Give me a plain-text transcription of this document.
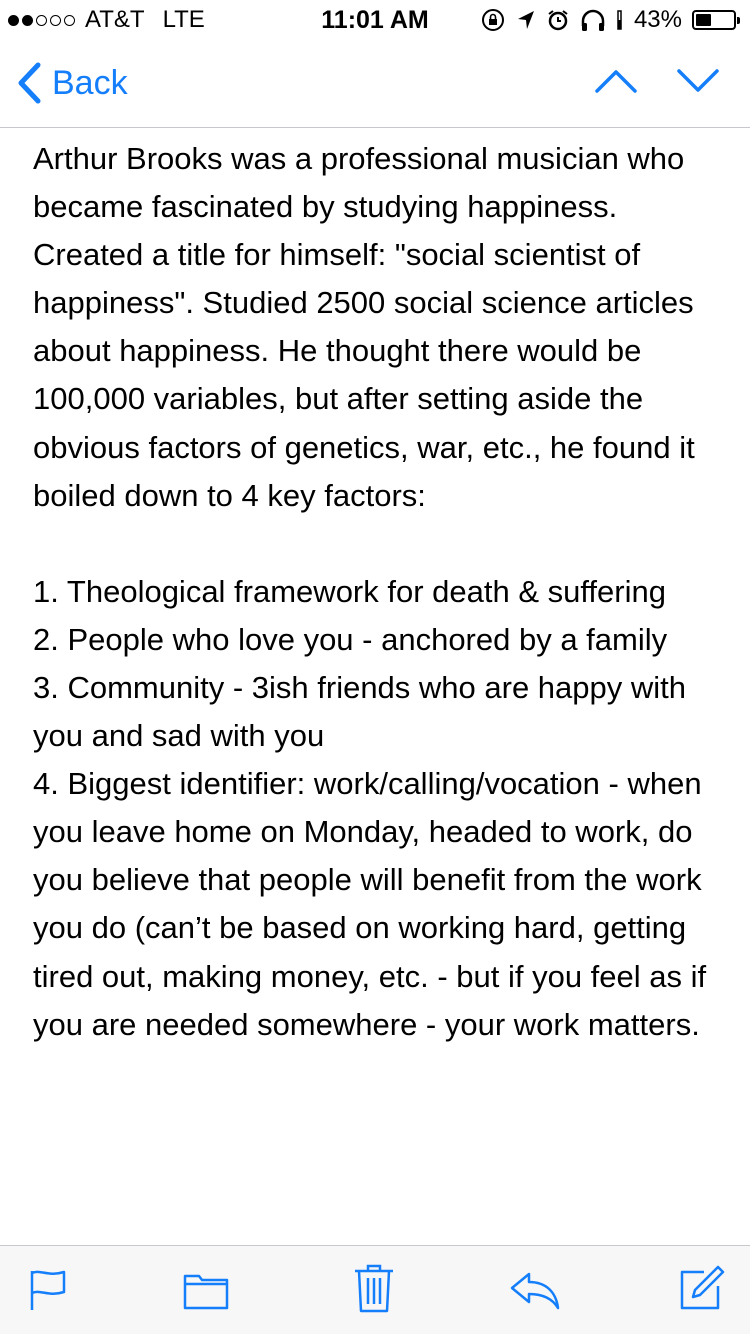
AT&T LTE	11:01 AM	43%
Back

Arthur Brooks was a professional musician who became fascinated by studying happiness. Created a title for himself: "social scientist of happiness". Studied 2500 social science articles about happiness. He thought there would be 100,000 variables, but after setting aside the obvious factors of genetics, war, etc., he found it boiled down to 4 key factors:

1. Theological framework for death & suffering

2. People who love you - anchored by a family

3. Community - 3ish friends who are happy with you and sad with you

4. Biggest identifier: work/calling/vocation - when you leave home on Monday, headed to work, do you believe that people will benefit from the work you do (can’t be based on working hard, getting tired out, making money, etc. - but if you feel as if you are needed somewhere - your work matters.
